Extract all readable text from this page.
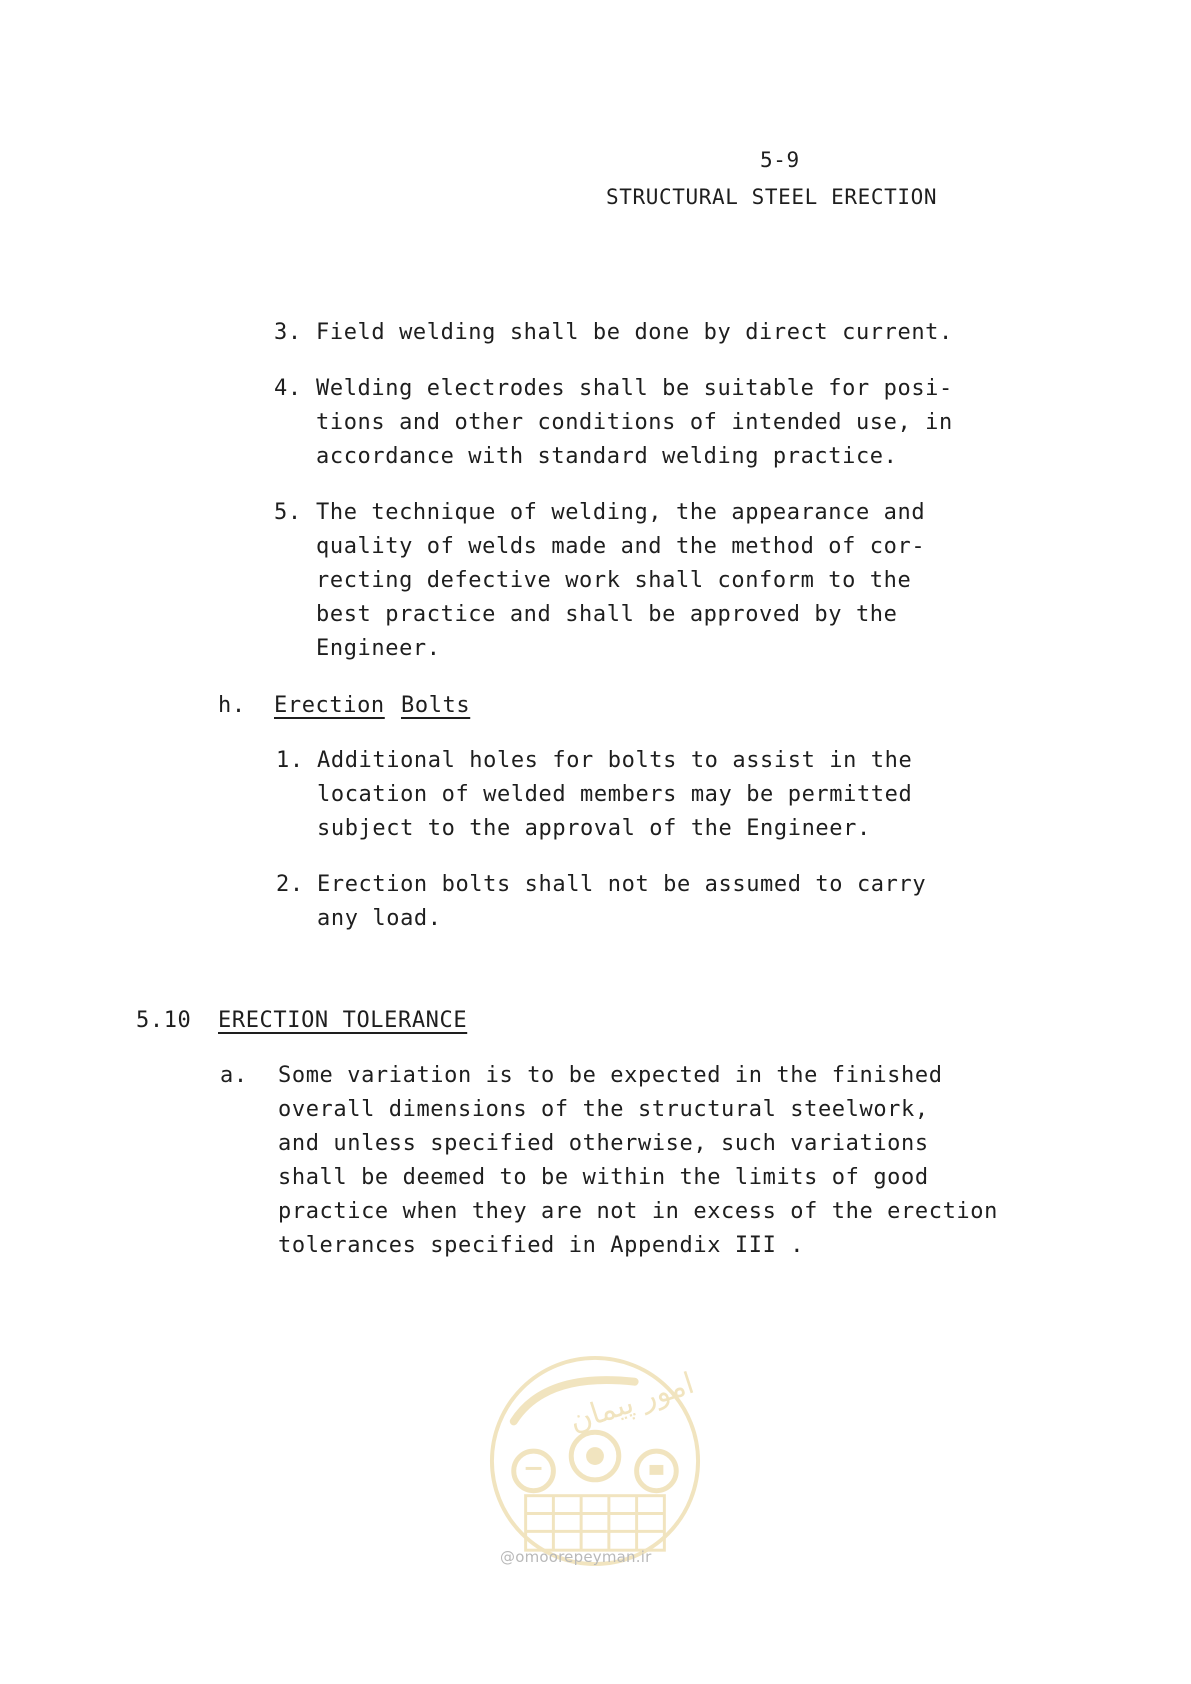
5-9
STRUCTURAL STEEL ERECTION
3. Field welding shall be done by direct current.
4. Welding electrodes shall be suitable for posi-
tions and other conditions of intended use, in
accordance with standard welding practice.
5. The technique of welding, the appearance and
quality of welds made and the method of cor-
recting defective work shall conform to the
best practice and shall be approved by the
Engineer.
h. Erection Bolts
1. Additional holes for bolts to assist in the
location of welded members may be permitted
subject to the approval of the Engineer.
2. Erection bolts shall not be assumed to carry
any load.
5.10 ERECTION TOLERANCE
a. Some variation is to be expected in the finished
overall dimensions of the structural steelwork,
and unless specified otherwise, such variations
shall be deemed to be within the limits of good
practice when they are not in excess of the erection
tolerances specified in Appendix III .
امور پیمان
@omoorepeyman.ir
